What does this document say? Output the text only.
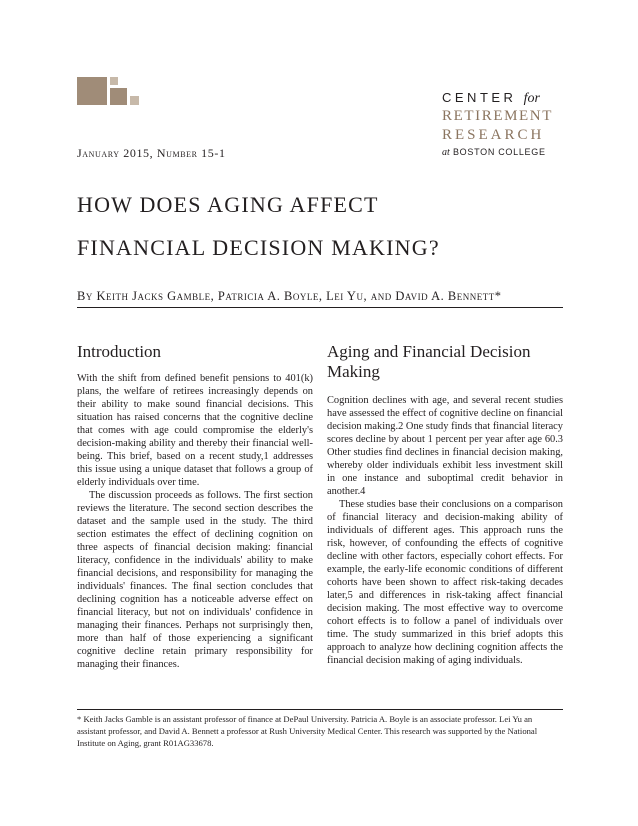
CENTER for
RETIREMENT
RESEARCH
at BOSTON COLLEGE
January 2015, Number 15-1
HOW DOES AGING AFFECT
FINANCIAL DECISION MAKING?
By Keith Jacks Gamble, Patricia A. Boyle, Lei Yu, and David A. Bennett*
Introduction

With the shift from defined benefit pensions to 401(k) plans, the welfare of retirees increasingly depends on their ability to make sound financial decisions. This situation has raised concerns that the cognitive decline that comes with age could compromise the elderly's decision-making ability and thereby their financial well-being. This brief, based on a recent study,1 addresses this issue using a unique dataset that follows a group of elderly individuals over time.

The discussion proceeds as follows. The first section reviews the literature. The second section describes the dataset and the sample used in the study. The third section estimates the effect of declining cognition on three aspects of financial decision making: financial literacy, confidence in the individuals' ability to make financial decisions, and responsibility for managing the individuals' finances. The final section concludes that declining cognition has a noticeable adverse effect on financial literacy, but not on individuals' confidence in managing their finances. Perhaps not surprisingly then, more than half of those experiencing a significant cognitive decline retain primary responsibility for managing their finances.

Aging and Financial Decision Making

Cognition declines with age, and several recent studies have assessed the effect of cognitive decline on financial decision making.2 One study finds that financial literacy scores decline by about 1 percent per year after age 60.3 Other studies find declines in financial decision making, whereby older individuals exhibit less investment skill in one instance and suboptimal credit behavior in another.4

These studies base their conclusions on a comparison of financial literacy and decision-making ability of individuals of different ages. This approach runs the risk, however, of confounding the effects of cognitive decline with other factors, especially cohort effects. For example, the early-life economic conditions of different cohorts have been shown to affect risk-taking decades later,5 and differences in risk-taking affect financial decision making. The most effective way to overcome cohort effects is to follow a panel of individuals over time. The study summarized in this brief adopts this approach to analyze how declining cognition affects the financial decision making of aging individuals.

* Keith Jacks Gamble is an assistant professor of finance at DePaul University. Patricia A. Boyle is an associate professor. Lei Yu an assistant professor, and David A. Bennett a professor at Rush University Medical Center. This research was supported by the National Institute on Aging, grant R01AG33678.
